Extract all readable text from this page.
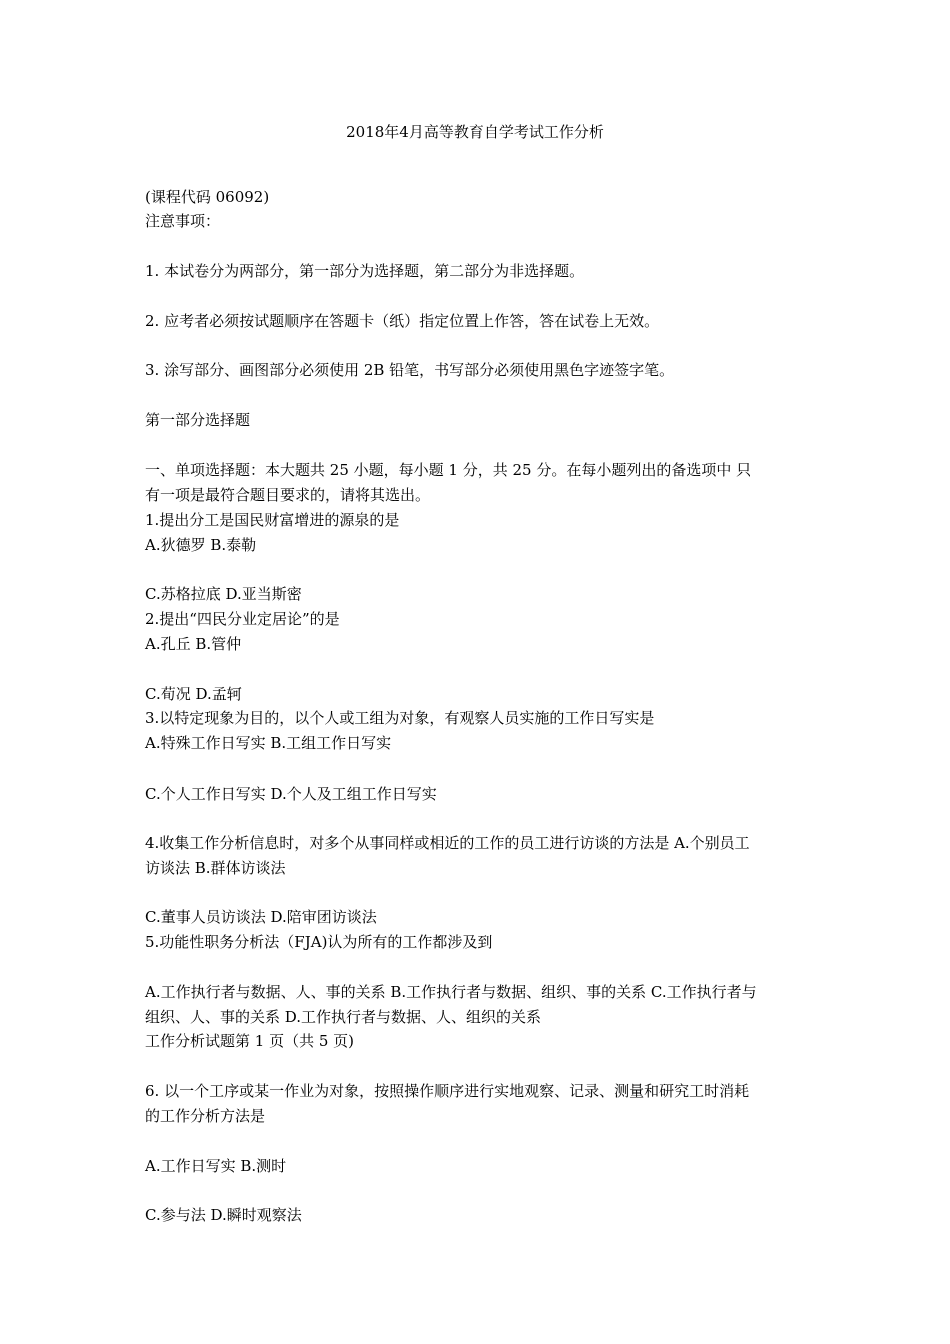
2018年4月高等教育自学考试工作分析
(课程代码 06092)
注意事项：
1. 本试卷分为两部分，第一部分为选择题，第二部分为非选择题。
2. 应考者必须按试题顺序在答题卡（纸）指定位置上作答，答在试卷上无效。
3. 涂写部分、画图部分必须使用 2B 铅笔，书写部分必须使用黑色字迹签字笔。
第一部分选择题
一、单项选择题：本大题共 25 小题，每小题 1 分，共 25 分。在每小题列出的备选项中 只
有一项是最符合题目要求的，请将其选出。
1.提出分工是国民财富增进的源泉的是
A.狄德罗 B.泰勒
C.苏格拉底 D.亚当斯密
2.提出“四民分业定居论”的是
A.孔丘 B.管仲
C.荀况 D.孟轲
3.以特定现象为目的，以个人或工组为对象，有观察人员实施的工作日写实是
A.特殊工作日写实 B.工组工作日写实
C.个人工作日写实 D.个人及工组工作日写实
4.收集工作分析信息时，对多个从事同样或相近的工作的员工进行访谈的方法是 A.个别员工
访谈法 B.群体访谈法
C.董事人员访谈法 D.陪审团访谈法
5.功能性职务分析法（FJA)认为所有的工作都涉及到
A.工作执行者与数据、人、事的关系 B.工作执行者与数据、组织、事的关系 C.工作执行者与
组织、人、事的关系 D.工作执行者与数据、人、组织的关系
工作分析试题第 1 页（共 5 页)
6. 以一个工序或某一作业为对象，按照操作顺序进行实地观察、记录、测量和研究工时消耗
的工作分析方法是
A.工作日写实 B.测时
C.参与法 D.瞬时观察法
